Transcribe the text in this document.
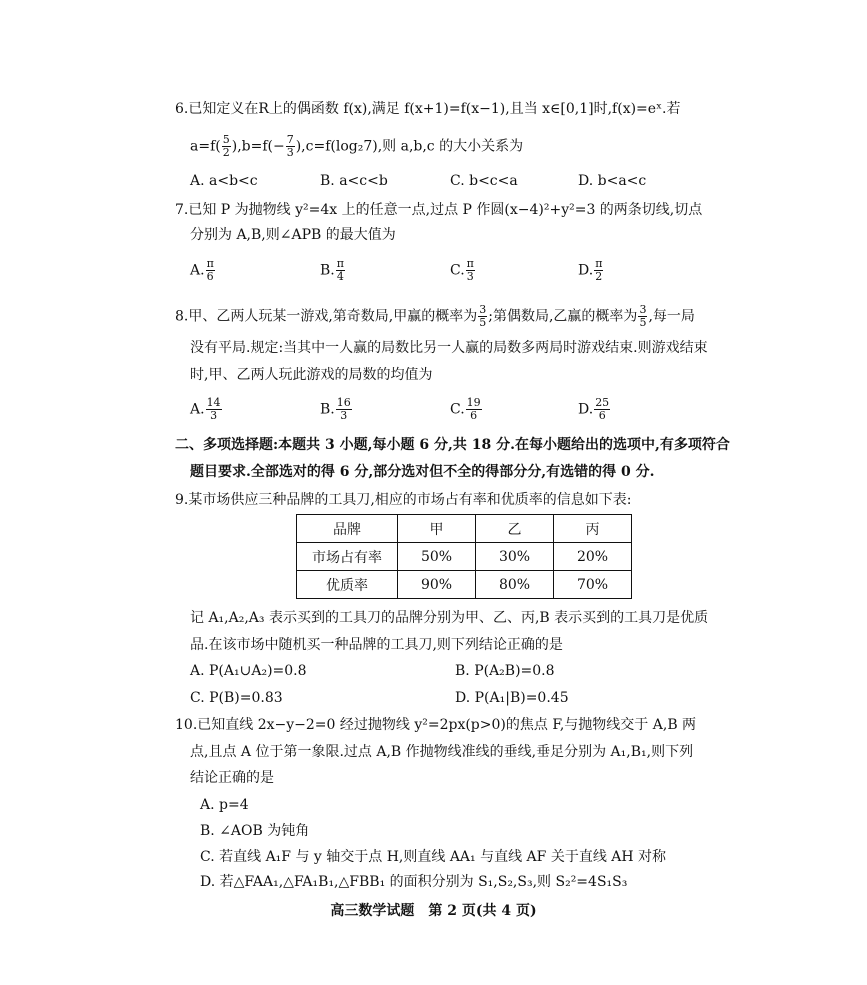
6.已知定义在R上的偶函数 f(x),满足 f(x+1)=f(x−1),且当 x∈[0,1]时,f(x)=eˣ.若
$a=f( \frac{5}{2} ),b=f(- \frac{7}{3} ),c=f(\log_27)$,则 a,b,c 的大小关系为
A. a<b<c	B. a<c<b	C. b<c<a	D. b<a<c
7.已知 P 为抛物线 y²=4x 上的任意一点,过点 P 作圆(x−4)²+y²=3 的两条切线,切点
分别为 A,B,则∠APB 的最大值为
A. $\frac{\pi}{6}$	B. $\frac{\pi}{4}$	C. $\frac{\pi}{3}$	D. $\frac{\pi}{2}$
8.甲、乙两人玩某一游戏,第奇数局,甲赢的概率为 $\frac{3}{5}$ ;第偶数局,乙赢的概率为 $\frac{3}{5}$ ,每一局
没有平局.规定:当其中一人赢的局数比另一人赢的局数多两局时游戏结束.则游戏结束
时,甲、乙两人玩此游戏的局数的均值为
A. $\frac{14}{3}$	B. $\frac{16}{3}$	C. $\frac{19}{6}$	D. $\frac{25}{6}$
二、多项选择题:本题共 3 小题,每小题 6 分,共 18 分.在每小题给出的选项中,有多项符合
题目要求.全部选对的得 6 分,部分选对但不全的得部分分,有选错的得 0 分.
9.某市场供应三种品牌的工具刀,相应的市场占有率和优质率的信息如下表:
品牌	甲	乙	丙
市场占有率	50%	30%	20%
优质率	90%	80%	70%
记 A₁,A₂,A₃ 表示买到的工具刀的品牌分别为甲、乙、丙,B 表示买到的工具刀是优质
品.在该市场中随机买一种品牌的工具刀,则下列结论正确的是
A. P(A₁∪A₂)=0.8	B. P(A₂B)=0.8
C. P(B)=0.83	D. P(A₁|B)=0.45
10.已知直线 2x−y−2=0 经过抛物线 y²=2px(p>0)的焦点 F,与抛物线交于 A,B 两
点,且点 A 位于第一象限.过点 A,B 作抛物线准线的垂线,垂足分别为 A₁,B₁,则下列
结论正确的是
A. p=4
B. ∠AOB 为钝角
C. 若直线 A₁F 与 y 轴交于点 H,则直线 AA₁ 与直线 AF 关于直线 AH 对称
D. 若△FAA₁,△FA₁B₁,△FBB₁ 的面积分别为 S₁,S₂,S₃,则 S₂²=4S₁S₃
高三数学试题　第 2 页(共 4 页)
